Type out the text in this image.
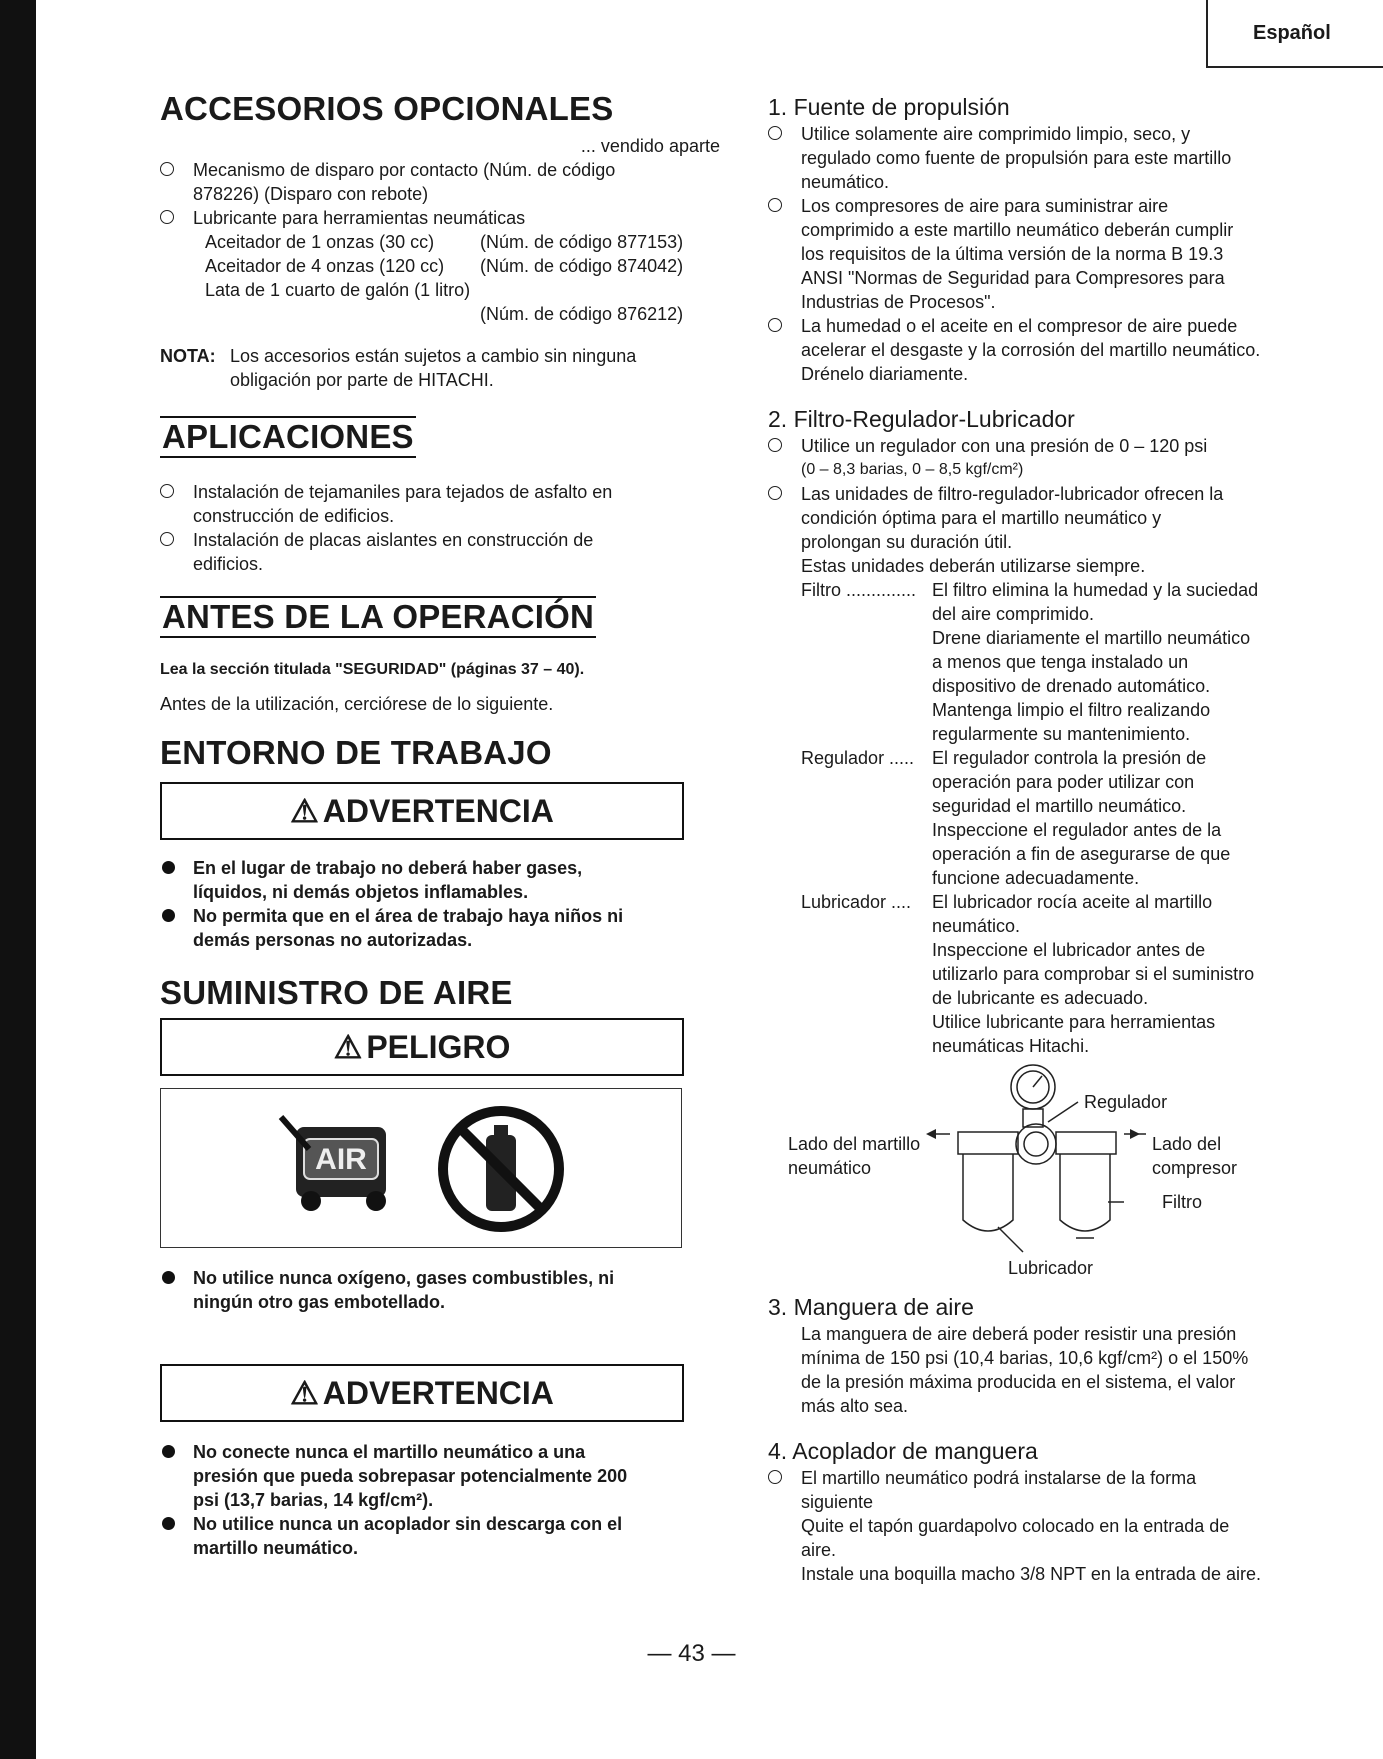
Español
ACCESORIOS OPCIONALES
... vendido aparte
Mecanismo de disparo por contacto (Núm. de código
878226) (Disparo con rebote)
Lubricante para herramientas neumáticas
Aceitador de 1 onzas (30 cc)	(Núm. de código 877153)
Aceitador de 4 onzas (120 cc)	(Núm. de código 874042)
Lata de 1 cuarto de galón (1 litro)
(Núm. de código 876212)
NOTA: Los accesorios están sujetos a cambio sin ninguna
obligación por parte de HITACHI.
APLICACIONES
Instalación de tejamaniles para tejados de asfalto en
construcción de edificios.
Instalación de placas aislantes en construcción de
edificios.
ANTES DE LA OPERACIÓN
Lea la sección titulada "SEGURIDAD" (páginas 37 – 40).
Antes de la utilización, cerciórese de lo siguiente.
ENTORNO DE TRABAJO
⚠ ADVERTENCIA
En el lugar de trabajo no deberá haber gases,
líquidos, ni demás objetos inflamables.
No permita que en el área de trabajo haya niños ni
demás personas no autorizadas.
SUMINISTRO DE AIRE
⚠ PELIGRO
AIR
No utilice nunca oxígeno, gases combustibles, ni
ningún otro gas embotellado.
⚠ ADVERTENCIA
No conecte nunca el martillo neumático a una
presión que pueda sobrepasar potencialmente 200
psi (13,7 barias, 14 kgf/cm²).
No utilice nunca un acoplador sin descarga con el
martillo neumático.
1. Fuente de propulsión
Utilice solamente aire comprimido limpio, seco, y
regulado como fuente de propulsión para este martillo
neumático.
Los compresores de aire para suministrar aire
comprimido a este martillo neumático deberán cumplir
los requisitos de la última versión de la norma B 19.3
ANSI "Normas de Seguridad para Compresores para
Industrias de Procesos".
La humedad o el aceite en el compresor de aire puede
acelerar el desgaste y la corrosión del martillo neumático.
Drénelo diariamente.
2. Filtro-Regulador-Lubricador
Utilice un regulador con una presión de 0 – 120 psi
(0 – 8,3 barias, 0 – 8,5 kgf/cm²)
Las unidades de filtro-regulador-lubricador ofrecen la
condición óptima para el martillo neumático y
prolongan su duración útil.
Estas unidades deberán utilizarse siempre.
Filtro .............. El filtro elimina la humedad y la suciedad
del aire comprimido.
Drene diariamente el martillo neumático
a menos que tenga instalado un
dispositivo de drenado automático.
Mantenga limpio el filtro realizando
regularmente su mantenimiento.
Regulador ..... El regulador controla la presión de
operación para poder utilizar con
seguridad el martillo neumático.
Inspeccione el regulador antes de la
operación a fin de asegurarse de que
funcione adecuadamente.
Lubricador ....	El lubricador rocía aceite al martillo
neumático.
Inspeccione el lubricador antes de
utilizarlo para comprobar si el suministro
de lubricante es adecuado.
Utilice lubricante para herramientas
neumáticas Hitachi.
Regulador
Lado del martillo
neumático
Lado del
compresor
Filtro
Lubricador
3. Manguera de aire
La manguera de aire deberá poder resistir una presión
mínima de 150 psi (10,4 barias, 10,6 kgf/cm²) o el 150%
de la presión máxima producida en el sistema, el valor
más alto sea.
4. Acoplador de manguera
El martillo neumático podrá instalarse de la forma
siguiente
Quite el tapón guardapolvo colocado en la entrada de
aire.
Instale una boquilla macho 3/8 NPT en la entrada de aire.
— 43 —
